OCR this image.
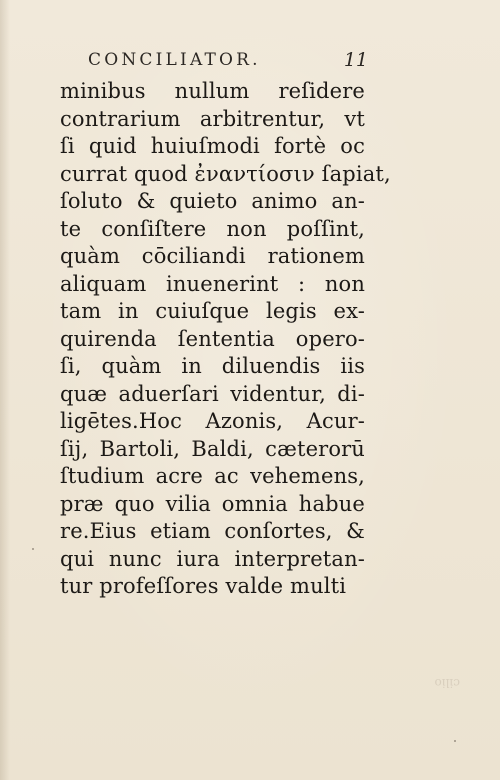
CONCILIATOR.	11
minibus nullum reſidere
contrarium arbitrentur, vt
ſi quid huiuſmodi fortè oc
currat quod ἐναντίοσιν ſapiat,
ſoluto & quieto animo an-
te conſiſtere non poſſint,
quàm cōciliandi rationem
aliquam inuenerint : non
tam in cuiuſque legis ex-
quirenda ſententia opero-
ſi, quàm in diluendis iis
quæ aduerſari videntur, di-
ligētes.Hoc Azonis, Acur-
ſij, Bartoli, Baldi, cæterorū
ſtudium acre ac vehemens,
præ quo vilia omnia habue
re.Eius etiam conſortes, &
qui nunc iura interpretan-
tur profeſſores valde multi
cilio
